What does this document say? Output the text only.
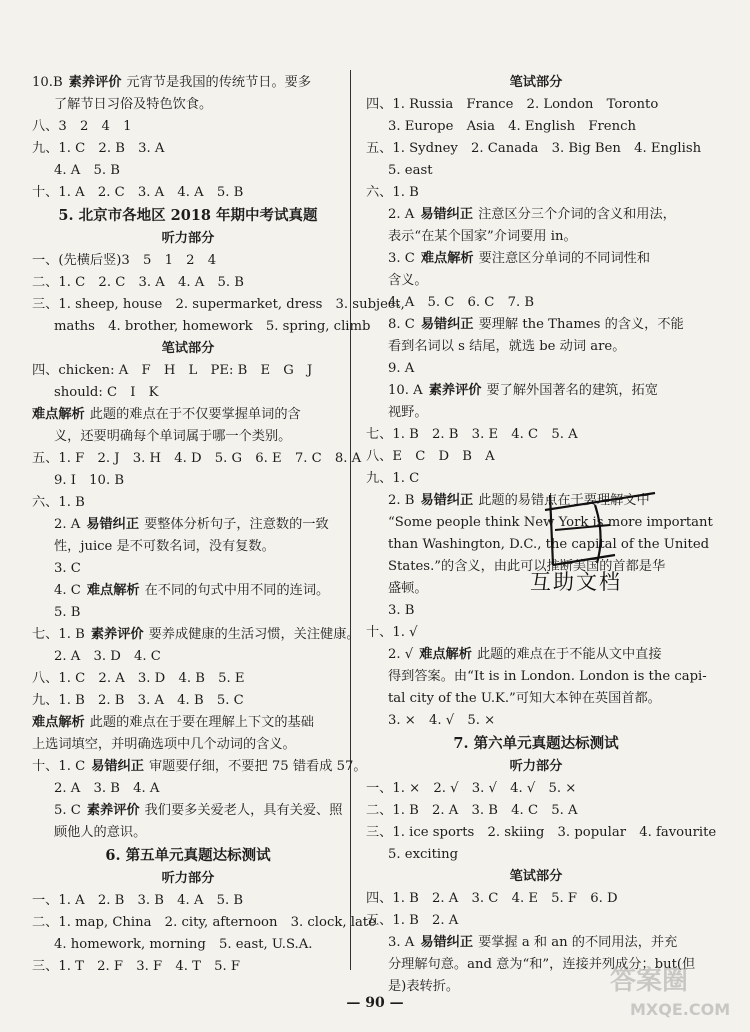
10.B 素养评价 元宵节是我国的传统节日。要多
了解节日习俗及特色饮食。
八、3　2　4　1
九、1. C　2. B　3. A
4. A　5. B
十、1. A　2. C　3. A　4. A　5. B
5. 北京市各地区 2018 年期中考试真题
听力部分
一、(先横后竖)3　5　1　2　4
二、1. C　2. C　3. A　4. A　5. B
三、1. sheep, house　2. supermarket, dress　3. subject,
maths　4. brother, homework　5. spring, climb
笔试部分
四、chicken: A　F　H　L　PE: B　E　G　J
should: C　I　K
难点解析 此题的难点在于不仅要掌握单词的含
义，还要明确每个单词属于哪一个类别。
五、1. F　2. J　3. H　4. D　5. G　6. E　7. C　8. A
9. I　10. B
六、1. B
2. A 易错纠正 要整体分析句子，注意数的一致
性，juice 是不可数名词，没有复数。
3. C
4. C 难点解析 在不同的句式中用不同的连词。
5. B
七、1. B 素养评价 要养成健康的生活习惯，关注健康。
2. A　3. D　4. C
八、1. C　2. A　3. D　4. B　5. E
九、1. B　2. B　3. A　4. B　5. C
难点解析 此题的难点在于要在理解上下文的基础
上选词填空，并明确选项中几个动词的含义。
十、1. C 易错纠正 审题要仔细，不要把 75 错看成 57。
2. A　3. B　4. A
5. C 素养评价 我们要多关爱老人，具有关爱、照
顾他人的意识。
6. 第五单元真题达标测试
听力部分
一、1. A　2. B　3. B　4. A　5. B
二、1. map, China　2. city, afternoon　3. clock, late
4. homework, morning　5. east, U.S.A.
三、1. T　2. F　3. F　4. T　5. F
笔试部分
四、1. Russia　France　2. London　Toronto
3. Europe　Asia　4. English　French
五、1. Sydney　2. Canada　3. Big Ben　4. English
5. east
六、1. B
2. A 易错纠正 注意区分三个介词的含义和用法，
表示“在某个国家”介词要用 in。
3. C 难点解析 要注意区分单词的不同词性和
含义。
4. A　5. C　6. C　7. B
8. C 易错纠正 要理解 the Thames 的含义，不能
看到名词以 s 结尾，就选 be 动词 are。
9. A
10. A 素养评价 要了解外国著名的建筑，拓宽
视野。
七、1. B　2. B　3. E　4. C　5. A
八、E　C　D　B　A
九、1. C
2. B 易错纠正 此题的易错点在于要理解文中
“Some people think New York is more important
than Washington, D.C., the capital of the United
States.”的含义，由此可以推断美国的首都是华
盛顿。
3. B
十、1. √
2. √ 难点解析 此题的难点在于不能从文中直接
得到答案。由“It is in London. London is the capi-
tal city of the U.K.”可知大本钟在英国首都。
3. ×　4. √　5. ×
7. 第六单元真题达标测试
听力部分
一、1. ×　2. √　3. √　4. √　5. ×
二、1. B　2. A　3. B　4. C　5. A
三、1. ice sports　2. skiing　3. popular　4. favourite
5. exciting
笔试部分
四、1. B　2. A　3. C　4. E　5. F　6. D
五、1. B　2. A
3. A 易错纠正 要掌握 a 和 an 的不同用法，并充
分理解句意。and 意为“和”，连接并列成分；but(但
是)表转折。
互助文档
— 90 —
答案圈
MXQE.COM
